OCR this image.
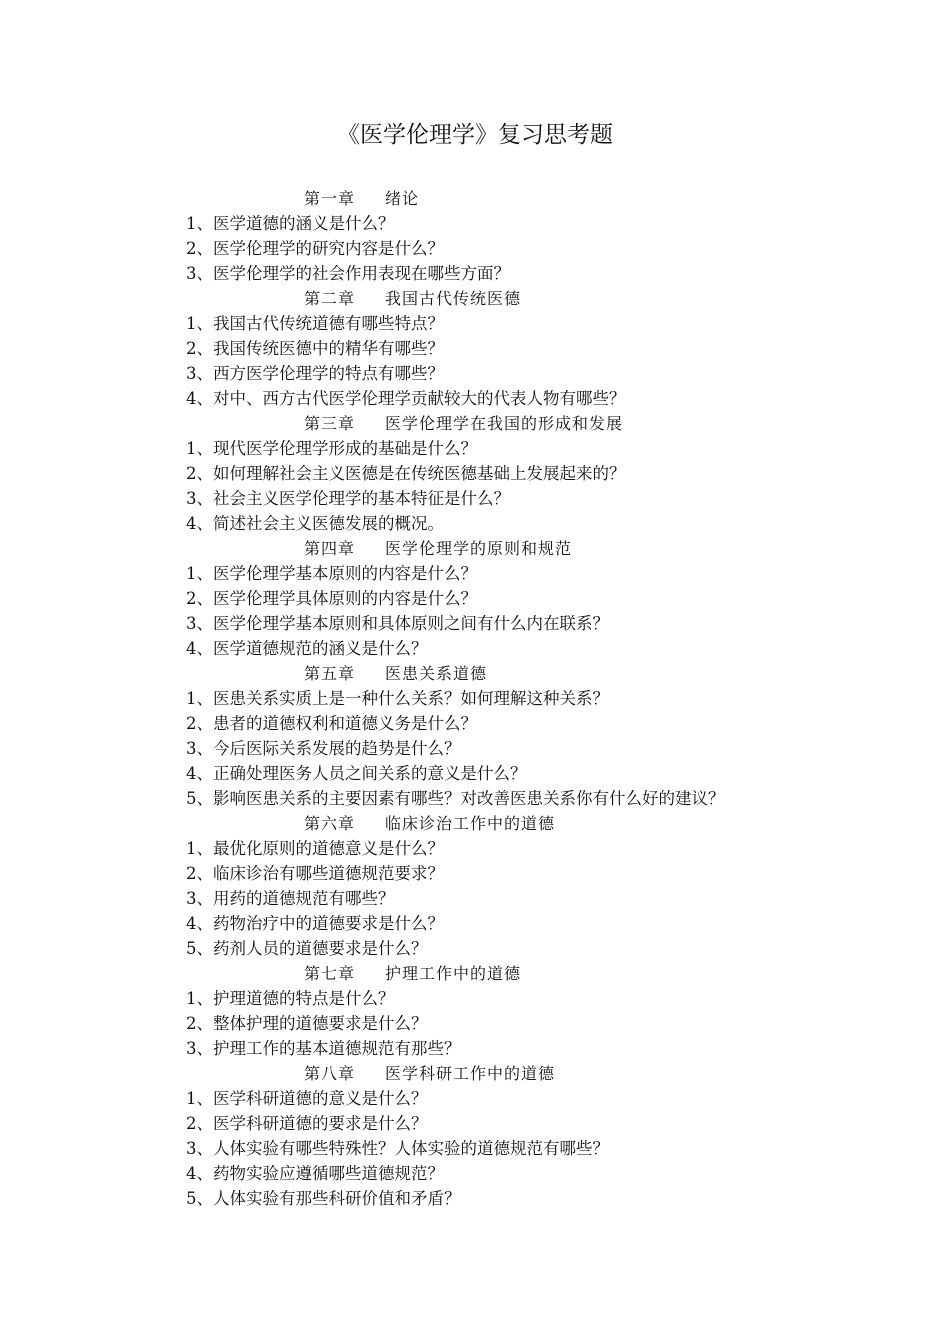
《医学伦理学》复习思考题
第一章 绪论
1、医学道德的涵义是什么？
2、医学伦理学的研究内容是什么？
3、医学伦理学的社会作用表现在哪些方面？
第二章 我国古代传统医德
1、我国古代传统道德有哪些特点？
2、我国传统医德中的精华有哪些？
3、西方医学伦理学的特点有哪些？
4、对中、西方古代医学伦理学贡献较大的代表人物有哪些？
第三章 医学伦理学在我国的形成和发展
1、现代医学伦理学形成的基础是什么？
2、如何理解社会主义医德是在传统医德基础上发展起来的？
3、社会主义医学伦理学的基本特征是什么？
4、简述社会主义医德发展的概况。
第四章 医学伦理学的原则和规范
1、医学伦理学基本原则的内容是什么？
2、医学伦理学具体原则的内容是什么？
3、医学伦理学基本原则和具体原则之间有什么内在联系？
4、医学道德规范的涵义是什么？
第五章 医患关系道德
1、医患关系实质上是一种什么关系？如何理解这种关系？
2、患者的道德权利和道德义务是什么？
3、今后医际关系发展的趋势是什么？
4、正确处理医务人员之间关系的意义是什么？
5、影响医患关系的主要因素有哪些？对改善医患关系你有什么好的建议？
第六章 临床诊治工作中的道德
1、最优化原则的道德意义是什么？
2、临床诊治有哪些道德规范要求？
3、用药的道德规范有哪些？
4、药物治疗中的道德要求是什么？
5、药剂人员的道德要求是什么？
第七章 护理工作中的道德
1、护理道德的特点是什么？
2、整体护理的道德要求是什么？
3、护理工作的基本道德规范有那些？
第八章 医学科研工作中的道德
1、医学科研道德的意义是什么？
2、医学科研道德的要求是什么？
3、人体实验有哪些特殊性？人体实验的道德规范有哪些？
4、药物实验应遵循哪些道德规范？
5、人体实验有那些科研价值和矛盾？
